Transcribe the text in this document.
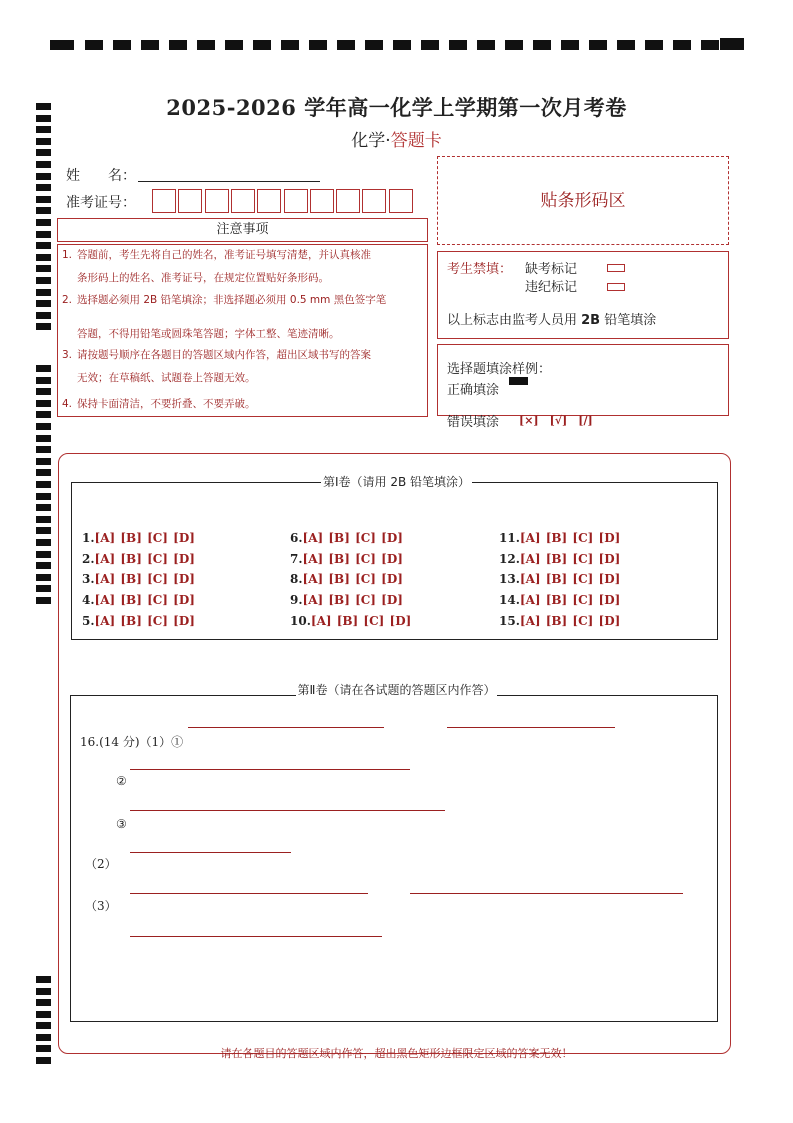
2025-2026 学年高一化学上学期第一次月考卷
化学·答题卡
姓　　名：
准考证号：	贴条形码区
注意事项
1. 答题前，考生先将自己的姓名，准考证号填写清楚，并认真核准
条形码上的姓名、准考证号，在规定位置贴好条形码。
2. 选择题必须用 2B 铅笔填涂；非选择题必须用 0.5 mm 黑色签字笔
答题，不得用铅笔或圆珠笔答题；字体工整、笔迹清晰。
3. 请按题号顺序在各题目的答题区域内作答，超出区域书写的答案
无效；在草稿纸、试题卷上答题无效。
4. 保持卡面清洁，不要折叠、不要弄破。
考生禁填： 缺考标记
违纪标记
以上标志由监考人员用 2B 铅笔填涂
选择题填涂样例：
正确填涂
错误填涂 [×]　[√]　[/]
第Ⅰ卷（请用 2B 铅笔填涂）
1.[A] [B] [C] [D]
2.[A] [B] [C] [D]
3.[A] [B] [C] [D]
4.[A] [B] [C] [D]
5.[A] [B] [C] [D]
6.[A] [B] [C] [D]
7.[A] [B] [C] [D]
8.[A] [B] [C] [D]
9.[A] [B] [C] [D]
10.[A] [B] [C] [D]
11.[A] [B] [C] [D]
12.[A] [B] [C] [D]
13.[A] [B] [C] [D]
14.[A] [B] [C] [D]
15.[A] [B] [C] [D]
第Ⅱ卷（请在各试题的答题区内作答）
16.(14 分)（1）①
②
③
（2）
（3）
请在各题目的答题区域内作答，超出黑色矩形边框限定区域的答案无效！
